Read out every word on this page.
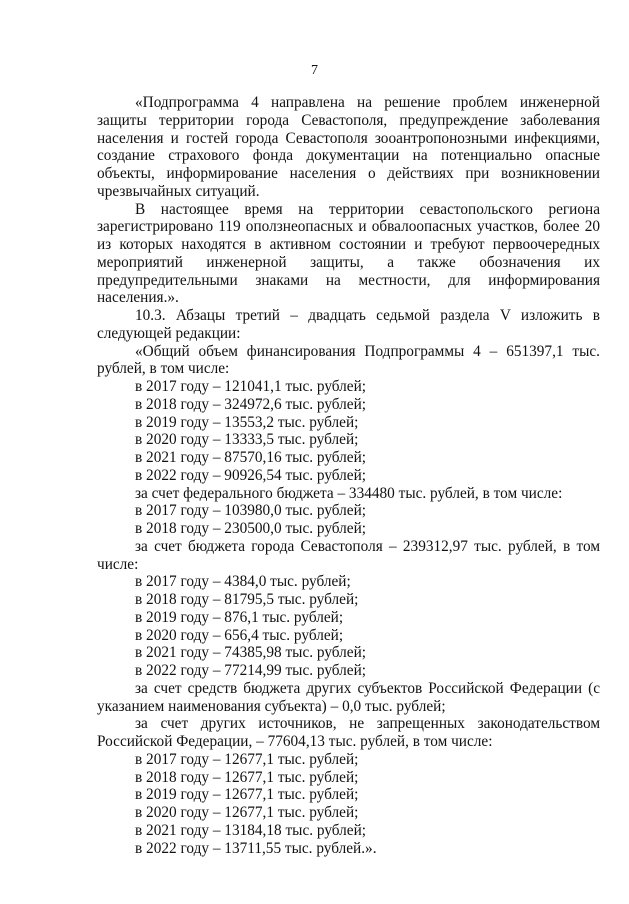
7

«Подпрограмма 4 направлена на решение проблем инженерной защиты территории города Севастополя, предупреждение заболевания населения и гостей города Севастополя зооантропонозными инфекциями, создание страхового фонда документации на потенциально опасные объекты, информирование населения о действиях при возникновении чрезвычайных ситуаций.

В настоящее время на территории севастопольского региона зарегистрировано 119 оползнеопасных и обвалоопасных участков, более 20 из которых находятся в активном состоянии и требуют первоочередных мероприятий инженерной защиты, а также обозначения их предупредительными знаками на местности, для информирования населения.».

10.3. Абзацы третий – двадцать седьмой раздела V изложить в следующей редакции:

«Общий объем финансирования Подпрограммы 4 – 651397,1 тыс. рублей, в том числе:

в 2017 году – 121041,1 тыс. рублей;

в 2018 году – 324972,6 тыс. рублей;

в 2019 году – 13553,2 тыс. рублей;

в 2020 году – 13333,5 тыс. рублей;

в 2021 году – 87570,16 тыс. рублей;

в 2022 году – 90926,54 тыс. рублей;

за счет федерального бюджета – 334480 тыс. рублей, в том числе:

в 2017 году – 103980,0 тыс. рублей;

в 2018 году – 230500,0 тыс. рублей;

за счет бюджета города Севастополя – 239312,97 тыс. рублей, в том числе:

в 2017 году – 4384,0 тыс. рублей;

в 2018 году – 81795,5 тыс. рублей;

в 2019 году – 876,1 тыс. рублей;

в 2020 году – 656,4 тыс. рублей;

в 2021 году – 74385,98 тыс. рублей;

в 2022 году – 77214,99 тыс. рублей;

за счет средств бюджета других субъектов Российской Федерации (с указанием наименования субъекта) – 0,0 тыс. рублей;

за счет других источников, не запрещенных законодательством Российской Федерации, – 77604,13 тыс. рублей, в том числе:

в 2017 году – 12677,1 тыс. рублей;

в 2018 году – 12677,1 тыс. рублей;

в 2019 году – 12677,1 тыс. рублей;

в 2020 году – 12677,1 тыс. рублей;

в 2021 году – 13184,18 тыс. рублей;

в 2022 году – 13711,55 тыс. рублей.».
